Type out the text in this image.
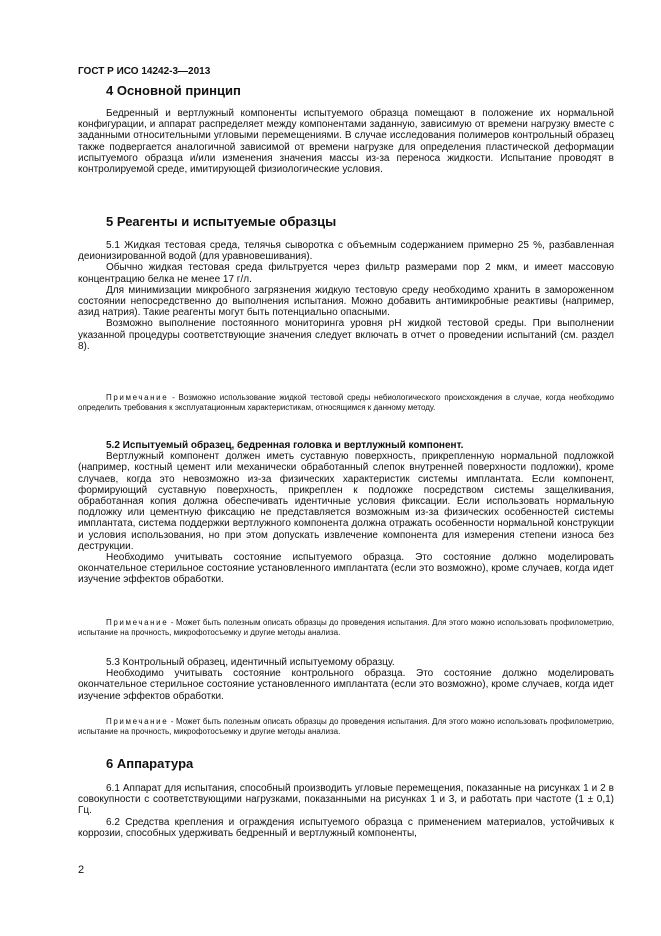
ГОСТ Р ИСО 14242-3—2013
4 Основной принцип

Бедренный и вертлужный компоненты испытуемого образца помещают в положение их нормальной конфигурации, и аппарат распределяет между компонентами заданную, зависимую от времени нагрузку вместе с заданными относительными угловыми перемещениями. В случае исследования полимеров контрольный образец также подвергается аналогичной зависимой от времени нагрузке для определения пластической деформации испытуемого образца и/или изменения значения массы из-за переноса жидкости. Испытание проводят в контролируемой среде, имитирующей физиологические условия.

5 Реагенты и испытуемые образцы

5.1 Жидкая тестовая среда, телячья сыворотка с объемным содержанием примерно 25 %, разбавленная деионизированной водой (для уравновешивания).

Обычно жидкая тестовая среда фильтруется через фильтр размерами пор 2 мкм, и имеет массовую концентрацию белка не менее 17 г/л.

Для минимизации микробного загрязнения жидкую тестовую среду необходимо хранить в замороженном состоянии непосредственно до выполнения испытания. Можно добавить антимикробные реактивы (например, азид натрия). Такие реагенты могут быть потенциально опасными.

Возможно выполнение постоянного мониторинга уровня pH жидкой тестовой среды. При выполнении указанной процедуры соответствующие значения следует включать в отчет о проведении испытаний (см. раздел 8).

Примечание - Возможно использование жидкой тестовой среды небиологического происхождения в случае, когда необходимо определить требования к эксплуатационным характеристикам, относящимся к данному методу.

5.2 Испытуемый образец, бедренная головка и вертлужный компонент.

Вертлужный компонент должен иметь суставную поверхность, прикрепленную нормальной подложкой (например, костный цемент или механически обработанный слепок внутренней поверхности подложки), кроме случаев, когда это невозможно из-за физических характеристик системы имплантата. Если компонент, формирующий суставную поверхность, прикреплен к подложке посредством системы защелкивания, обработанная копия должна обеспечивать идентичные условия фиксации. Если использовать нормальную подложку или цементную фиксацию не представляется возможным из-за физических особенностей системы имплантата, система поддержки вертлужного компонента должна отражать особенности нормальной конструкции и условия использования, но при этом допускать извлечение компонента для измерения степени износа без деструкции.

Необходимо учитывать состояние испытуемого образца. Это состояние должно моделировать окончательное стерильное состояние установленного имплантата (если это возможно), кроме случаев, когда идет изучение эффектов обработки.

Примечание - Может быть полезным описать образцы до проведения испытания. Для этого можно использовать профилометрию, испытание на прочность, микрофотосъемку и другие методы анализа.

5.3 Контрольный образец, идентичный испытуемому образцу.

Необходимо учитывать состояние контрольного образца. Это состояние должно моделировать окончательное стерильное состояние установленного имплантата (если это возможно), кроме случаев, когда идет изучение эффектов обработки.

Примечание - Может быть полезным описать образцы до проведения испытания. Для этого можно использовать профилометрию, испытание на прочность, микрофотосъемку и другие методы анализа.

6 Аппаратура

6.1 Аппарат для испытания, способный производить угловые перемещения, показанные на рисунках 1 и 2 в совокупности с соответствующими нагрузками, показанными на рисунках 1 и 3, и работать при частоте (1 ± 0,1) Гц.

6.2 Средства крепления и ограждения испытуемого образца с применением материалов, устойчивых к коррозии, способных удерживать бедренный и вертлужный компоненты,

2
